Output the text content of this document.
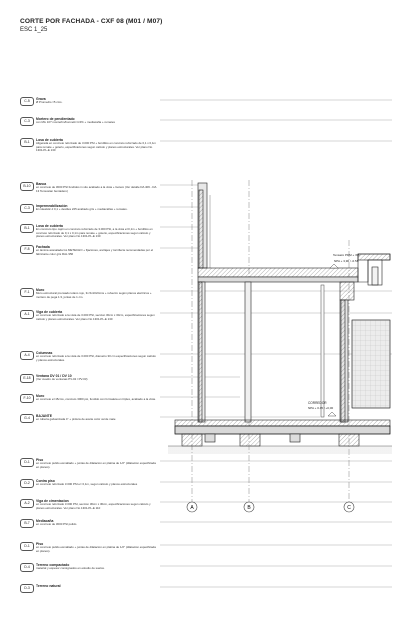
CORTE POR FACHADA - CXF 08 (M01 / M07)
ESC 1_25
C-5	Grava
Ø Promedio =5 cms.
C-3	Mortero de pendientado
con Mix 10? monterbn/bonnetti Cr4% + mediacaña + remates
B-1	Losa de cubierta
Aligerada en concreto reforzado de 3.000 PSI + bordillos en concreto reforzado de 0,1 x 0,1m para remate + goterio, especificaciones segun calculo y planos estructurales. Ver plano No 1301-PL-E 130
B-10	Banca
en concreto de 3000 PSI fundidos in situ acabado a la vista + Gotero (Ver detalle DA 406 - DA 13 Tensostan bentadero)
C-3	Impermeabilización
En idealstic d 0,1 + destiles 225 acabado gris + mediacañas + remates.
B-1	Losa de cubierta
En concreto tipo cajón en concreto reforzado de 3.000 PSI, a la vista e=0,1m + bordillos en concreto reforzado de 0,1 x 0,1m para remate + goterio, especificaciones segun calculo y planos estructurales. Ver plano No 1301-PL-E 130
F-8	Fachada
en lamina acanalada GL METECHO + fijaciones, anclajes y tornillería recomendadas por el fabricante color gris RAL 956
F-1	Muro
Muro estructural prensado tolano rojo, 3x.5x10x6cms + refuerzo según planos eléctricos + mortero de pega 1:3, juntas de 1 cm.
A-1	Viga de cubierta
en concreto reforzado a la vista de 3.000 PSI, seccion 30cm x 30cm, especificaciones segun calculo y planos estructurales. Ver plano No 1301-PL-E 130
A-4	Columnas
en concreto reforzado a la vista de 3.000 PSI, diametro 30 cm especificaciones segun calculo y planos estructurales.
E-18	Ventana DV 01 / DV 10
(Ver cuadro de ventanas PV-02 / PV-03)
F-10	Muro
en concreto e=15cms, concreto 3000 psi, fundido con formaleta en triplex, acabado a la vista.
G-4	BAJANTE
en tuberia galvanizada 4" + pintura de aceite color verde mate
D-1	Piso
en concreto pulido esmaltado + juntas de dilatacion en platina de 1/2" (dilatacion especificada en planos).
D-2	Contra piso
en concreto reforzado 3.000 PSI e= 0,1m, segun calculo y planos estructurales
A-2	Viga de cimentacion
en concreto reforzado 3.000 PSI, seccion 30cm x 30cm, especificaciones segun calculo y planos estructurales. Ver plano No 1301-PL-E 110
B-7	Mediacaña
en concreto de 3000 PSI pulido
D-1	Piso
en concreto pulido esmaltado + juntas de dilatacion en platina de 1/2" (dilatacion especificada en planos).
D-4	Terreno compactado
material y espesor consignados en estudio de suelos.
D-3	Terreno natural
Tensazo PDM + 3%
NPA + 3,90 / -0.58
CORREDOR
NPA + 0.45 / +0,00
A	B	C
